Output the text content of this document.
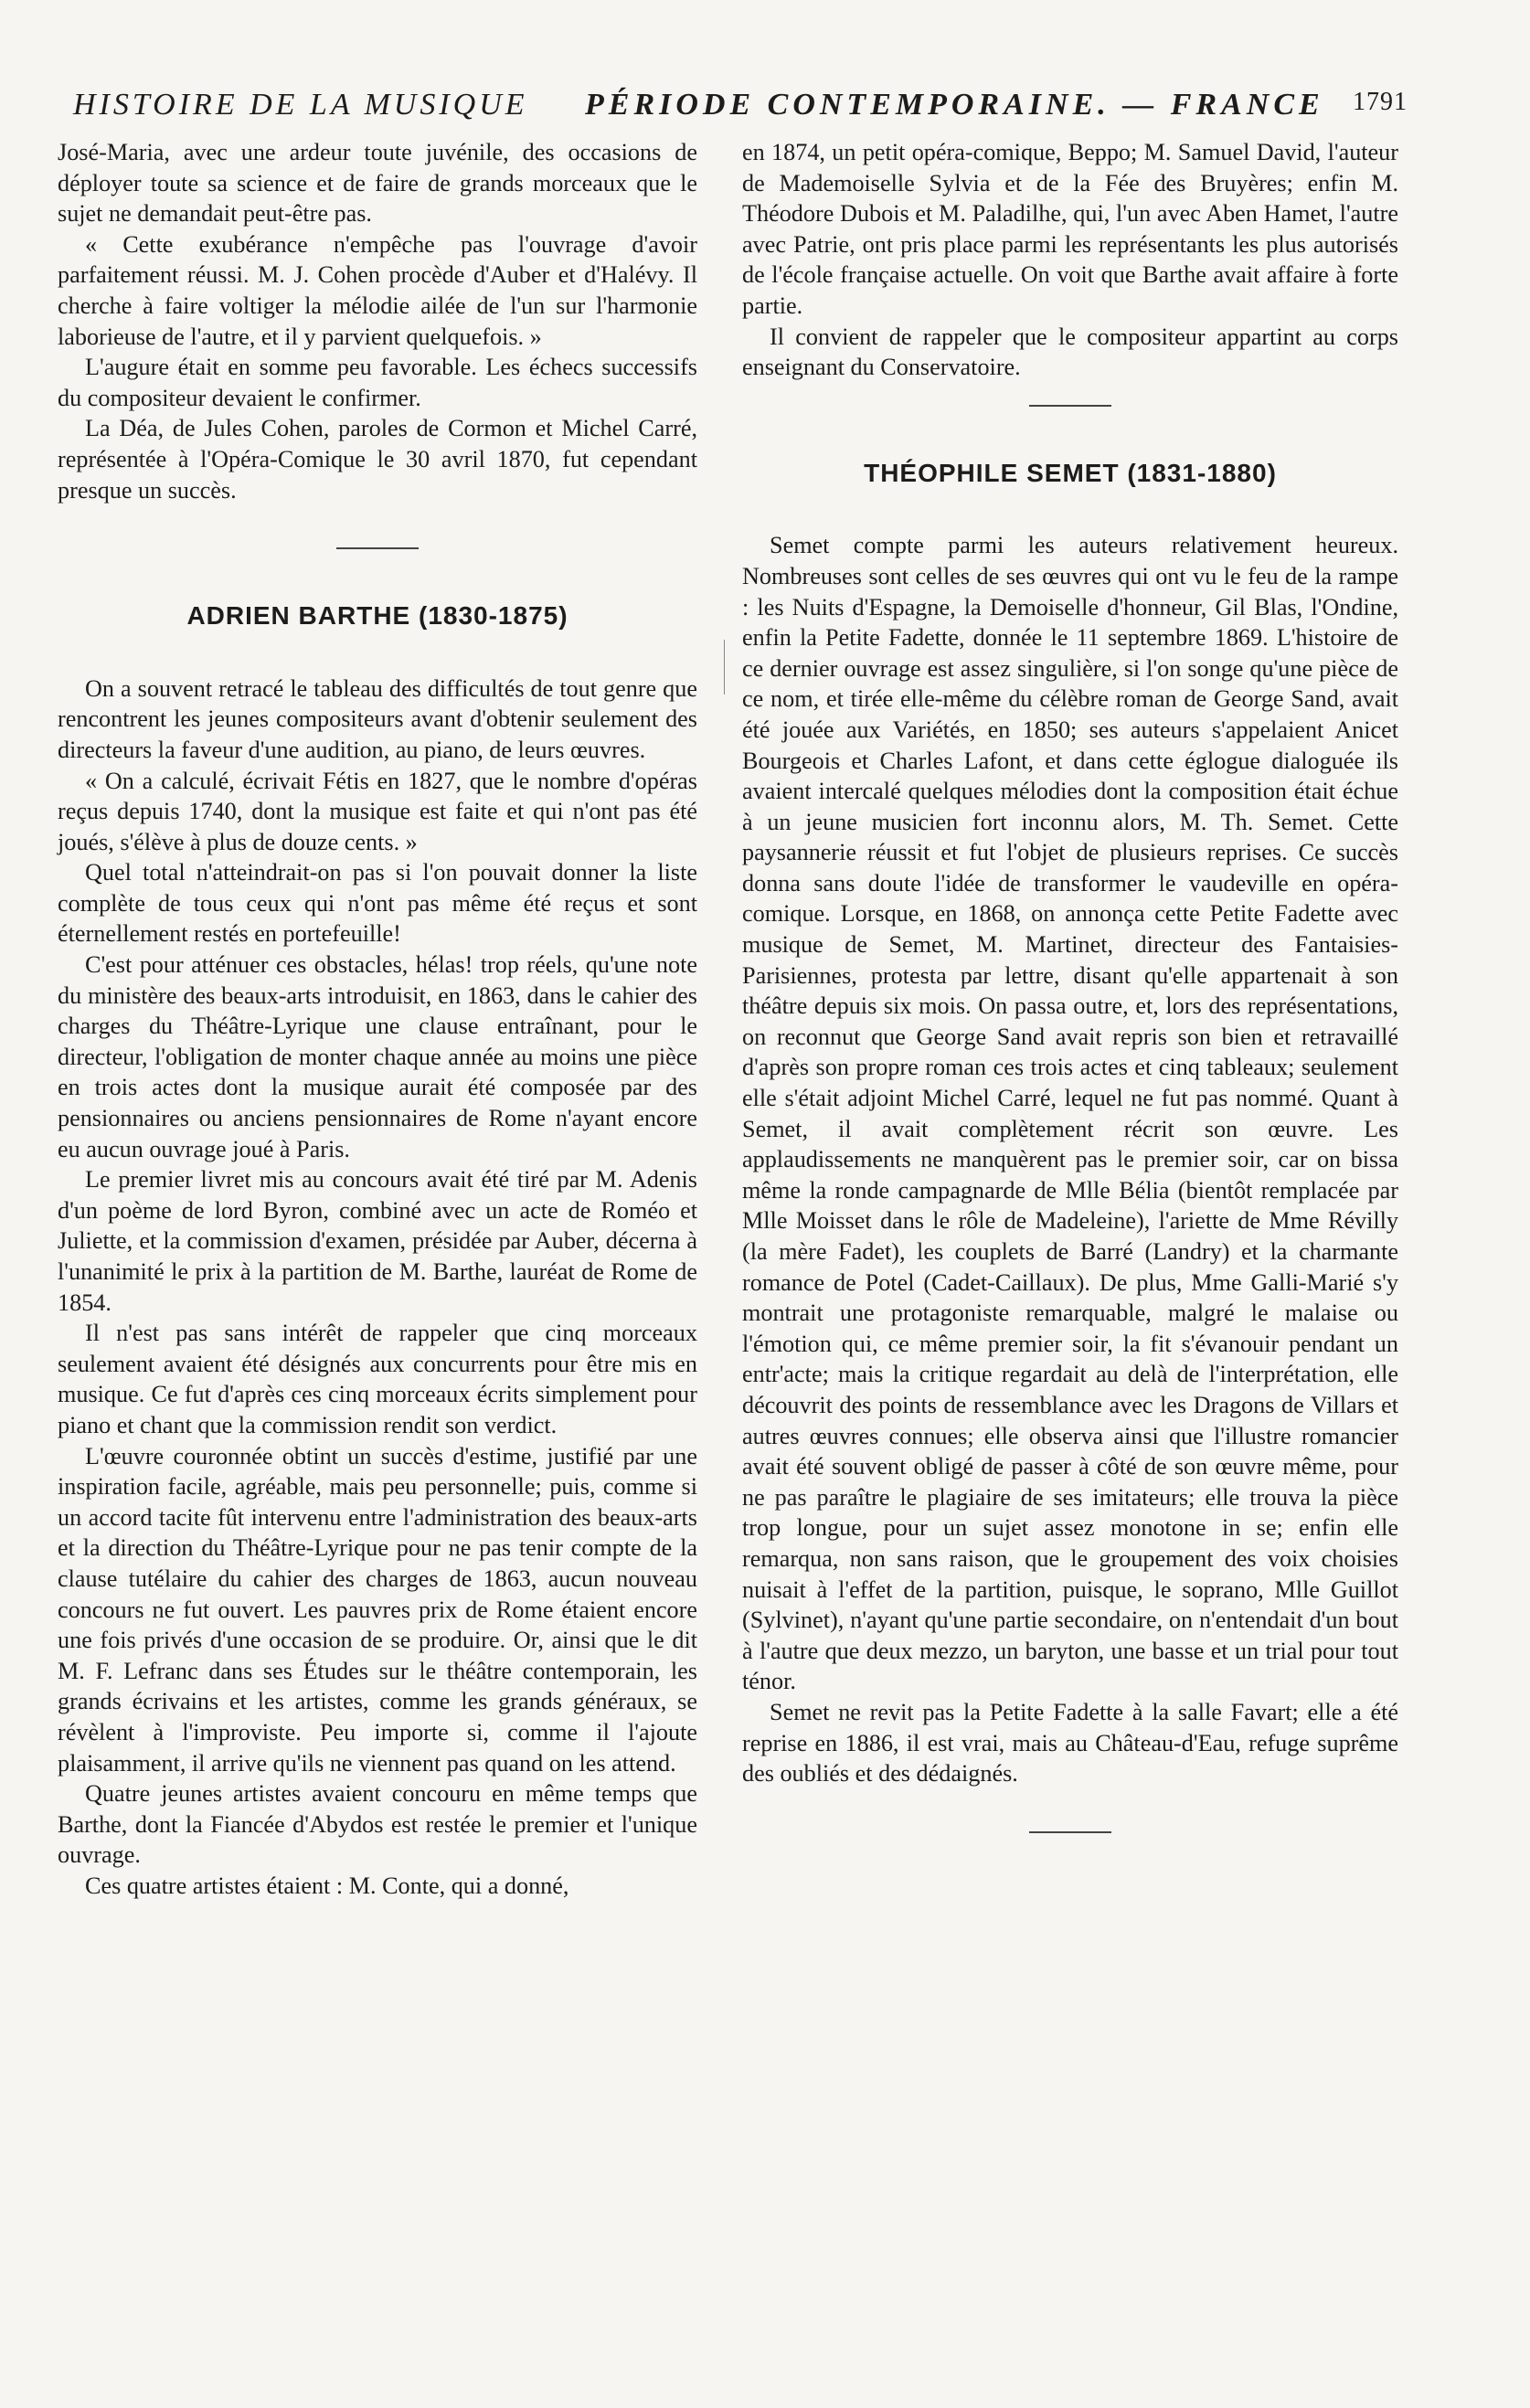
HISTOIRE DE LA MUSIQUE PÉRIODE CONTEMPORAINE. — FRANCE 1791

José-Maria, avec une ardeur toute juvénile, des occasions de déployer toute sa science et de faire de grands morceaux que le sujet ne demandait peut-être pas.

« Cette exubérance n'empêche pas l'ouvrage d'avoir parfaitement réussi. M. J. Cohen procède d'Auber et d'Halévy. Il cherche à faire voltiger la mélodie ailée de l'un sur l'harmonie laborieuse de l'autre, et il y parvient quelquefois. »

L'augure était en somme peu favorable. Les échecs successifs du compositeur devaient le confirmer.

La Déa, de Jules Cohen, paroles de Cormon et Michel Carré, représentée à l'Opéra-Comique le 30 avril 1870, fut cependant presque un succès.

ADRIEN BARTHE (1830-1875)

On a souvent retracé le tableau des difficultés de tout genre que rencontrent les jeunes compositeurs avant d'obtenir seulement des directeurs la faveur d'une audition, au piano, de leurs œuvres.

« On a calculé, écrivait Fétis en 1827, que le nombre d'opéras reçus depuis 1740, dont la musique est faite et qui n'ont pas été joués, s'élève à plus de douze cents. »

Quel total n'atteindrait-on pas si l'on pouvait donner la liste complète de tous ceux qui n'ont pas même été reçus et sont éternellement restés en portefeuille!

C'est pour atténuer ces obstacles, hélas! trop réels, qu'une note du ministère des beaux-arts introduisit, en 1863, dans le cahier des charges du Théâtre-Lyrique une clause entraînant, pour le directeur, l'obligation de monter chaque année au moins une pièce en trois actes dont la musique aurait été composée par des pensionnaires ou anciens pensionnaires de Rome n'ayant encore eu aucun ouvrage joué à Paris.

Le premier livret mis au concours avait été tiré par M. Adenis d'un poème de lord Byron, combiné avec un acte de Roméo et Juliette, et la commission d'examen, présidée par Auber, décerna à l'unanimité le prix à la partition de M. Barthe, lauréat de Rome de 1854.

Il n'est pas sans intérêt de rappeler que cinq morceaux seulement avaient été désignés aux concurrents pour être mis en musique. Ce fut d'après ces cinq morceaux écrits simplement pour piano et chant que la commission rendit son verdict.

L'œuvre couronnée obtint un succès d'estime, justifié par une inspiration facile, agréable, mais peu personnelle; puis, comme si un accord tacite fût intervenu entre l'administration des beaux-arts et la direction du Théâtre-Lyrique pour ne pas tenir compte de la clause tutélaire du cahier des charges de 1863, aucun nouveau concours ne fut ouvert. Les pauvres prix de Rome étaient encore une fois privés d'une occasion de se produire. Or, ainsi que le dit M. F. Lefranc dans ses Études sur le théâtre contemporain, les grands écrivains et les artistes, comme les grands généraux, se révèlent à l'improviste. Peu importe si, comme il l'ajoute plaisamment, il arrive qu'ils ne viennent pas quand on les attend.

Quatre jeunes artistes avaient concouru en même temps que Barthe, dont la Fiancée d'Abydos est restée le premier et l'unique ouvrage.

Ces quatre artistes étaient : M. Conte, qui a donné,

en 1874, un petit opéra-comique, Beppo; M. Samuel David, l'auteur de Mademoiselle Sylvia et de la Fée des Bruyères; enfin M. Théodore Dubois et M. Paladilhe, qui, l'un avec Aben Hamet, l'autre avec Patrie, ont pris place parmi les représentants les plus autorisés de l'école française actuelle. On voit que Barthe avait affaire à forte partie.

Il convient de rappeler que le compositeur appartint au corps enseignant du Conservatoire.

THÉOPHILE SEMET (1831-1880)

Semet compte parmi les auteurs relativement heureux. Nombreuses sont celles de ses œuvres qui ont vu le feu de la rampe : les Nuits d'Espagne, la Demoiselle d'honneur, Gil Blas, l'Ondine, enfin la Petite Fadette, donnée le 11 septembre 1869. L'histoire de ce dernier ouvrage est assez singulière, si l'on songe qu'une pièce de ce nom, et tirée elle-même du célèbre roman de George Sand, avait été jouée aux Variétés, en 1850; ses auteurs s'appelaient Anicet Bourgeois et Charles Lafont, et dans cette églogue dialoguée ils avaient intercalé quelques mélodies dont la composition était échue à un jeune musicien fort inconnu alors, M. Th. Semet. Cette paysannerie réussit et fut l'objet de plusieurs reprises. Ce succès donna sans doute l'idée de transformer le vaudeville en opéra-comique. Lorsque, en 1868, on annonça cette Petite Fadette avec musique de Semet, M. Martinet, directeur des Fantaisies-Parisiennes, protesta par lettre, disant qu'elle appartenait à son théâtre depuis six mois. On passa outre, et, lors des représentations, on reconnut que George Sand avait repris son bien et retravaillé d'après son propre roman ces trois actes et cinq tableaux; seulement elle s'était adjoint Michel Carré, lequel ne fut pas nommé. Quant à Semet, il avait complètement récrit son œuvre. Les applaudissements ne manquèrent pas le premier soir, car on bissa même la ronde campagnarde de Mlle Bélia (bientôt remplacée par Mlle Moisset dans le rôle de Madeleine), l'ariette de Mme Révilly (la mère Fadet), les couplets de Barré (Landry) et la charmante romance de Potel (Cadet-Caillaux). De plus, Mme Galli-Marié s'y montrait une protagoniste remarquable, malgré le malaise ou l'émotion qui, ce même premier soir, la fit s'évanouir pendant un entr'acte; mais la critique regardait au delà de l'interprétation, elle découvrit des points de ressemblance avec les Dragons de Villars et autres œuvres connues; elle observa ainsi que l'illustre romancier avait été souvent obligé de passer à côté de son œuvre même, pour ne pas paraître le plagiaire de ses imitateurs; elle trouva la pièce trop longue, pour un sujet assez monotone in se; enfin elle remarqua, non sans raison, que le groupement des voix choisies nuisait à l'effet de la partition, puisque, le soprano, Mlle Guillot (Sylvinet), n'ayant qu'une partie secondaire, on n'entendait d'un bout à l'autre que deux mezzo, un baryton, une basse et un trial pour tout ténor.

Semet ne revit pas la Petite Fadette à la salle Favart; elle a été reprise en 1886, il est vrai, mais au Château-d'Eau, refuge suprême des oubliés et des dédaignés.
